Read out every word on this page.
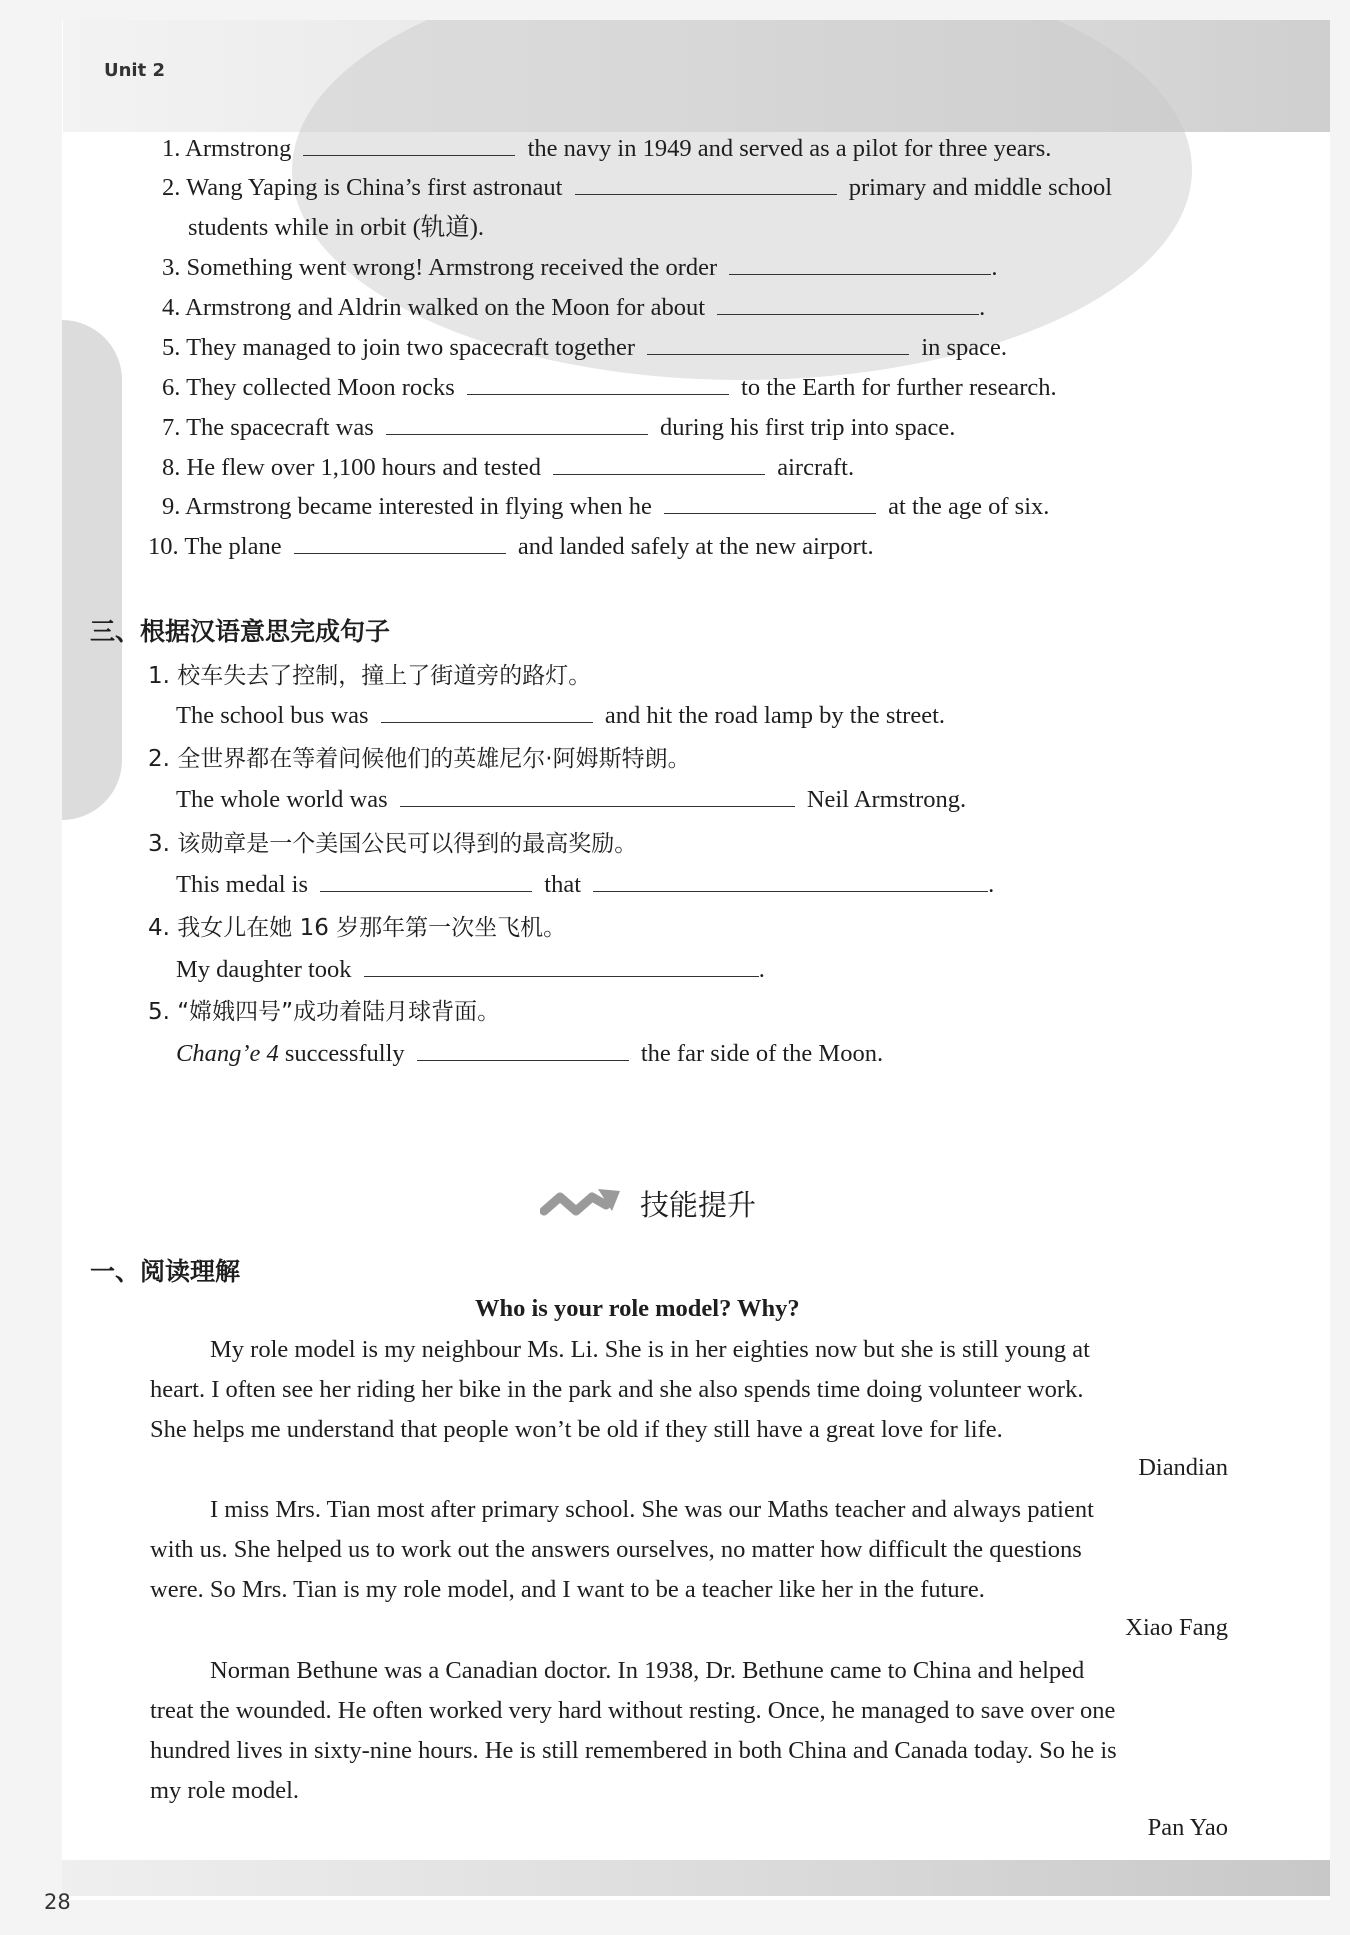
Unit 2
1. Armstrong	the navy in 1949 and served as a pilot for three years.
2. Wang Yaping is China’s first astronaut	primary and middle school
students while in orbit (轨道).
3. Something went wrong! Armstrong received the order	.
4. Armstrong and Aldrin walked on the Moon for about	.
5. They managed to join two spacecraft together	in space.
6. They collected Moon rocks	to the Earth for further research.
7. The spacecraft was	during his first trip into space.
8. He flew over 1,100 hours and tested	aircraft.
9. Armstrong became interested in flying when he	at the age of six.
10. The plane	and landed safely at the new airport.
三、根据汉语意思完成句子
1. 校车失去了控制，撞上了街道旁的路灯。
The school bus was	and hit the road lamp by the street.
2. 全世界都在等着问候他们的英雄尼尔·阿姆斯特朗。
The whole world was	Neil Armstrong.
3. 该勋章是一个美国公民可以得到的最高奖励。
This medal is	that	.
4. 我女儿在她 16 岁那年第一次坐飞机。
My daughter took	.
5. “嫦娥四号”成功着陆月球背面。
Chang’e 4 successfully	the far side of the Moon.
技能提升
一、阅读理解
Who is your role model? Why?
My role model is my neighbour Ms. Li. She is in her eighties now but she is still young at
heart. I often see her riding her bike in the park and she also spends time doing volunteer work.
She helps me understand that people won’t be old if they still have a great love for life.
Diandian
I miss Mrs. Tian most after primary school. She was our Maths teacher and always patient
with us. She helped us to work out the answers ourselves, no matter how difficult the questions
were. So Mrs. Tian is my role model, and I want to be a teacher like her in the future.
Xiao Fang
Norman Bethune was a Canadian doctor. In 1938, Dr. Bethune came to China and helped
treat the wounded. He often worked very hard without resting. Once, he managed to save over one
hundred lives in sixty-nine hours. He is still remembered in both China and Canada today. So he is
my role model.
Pan Yao
28
